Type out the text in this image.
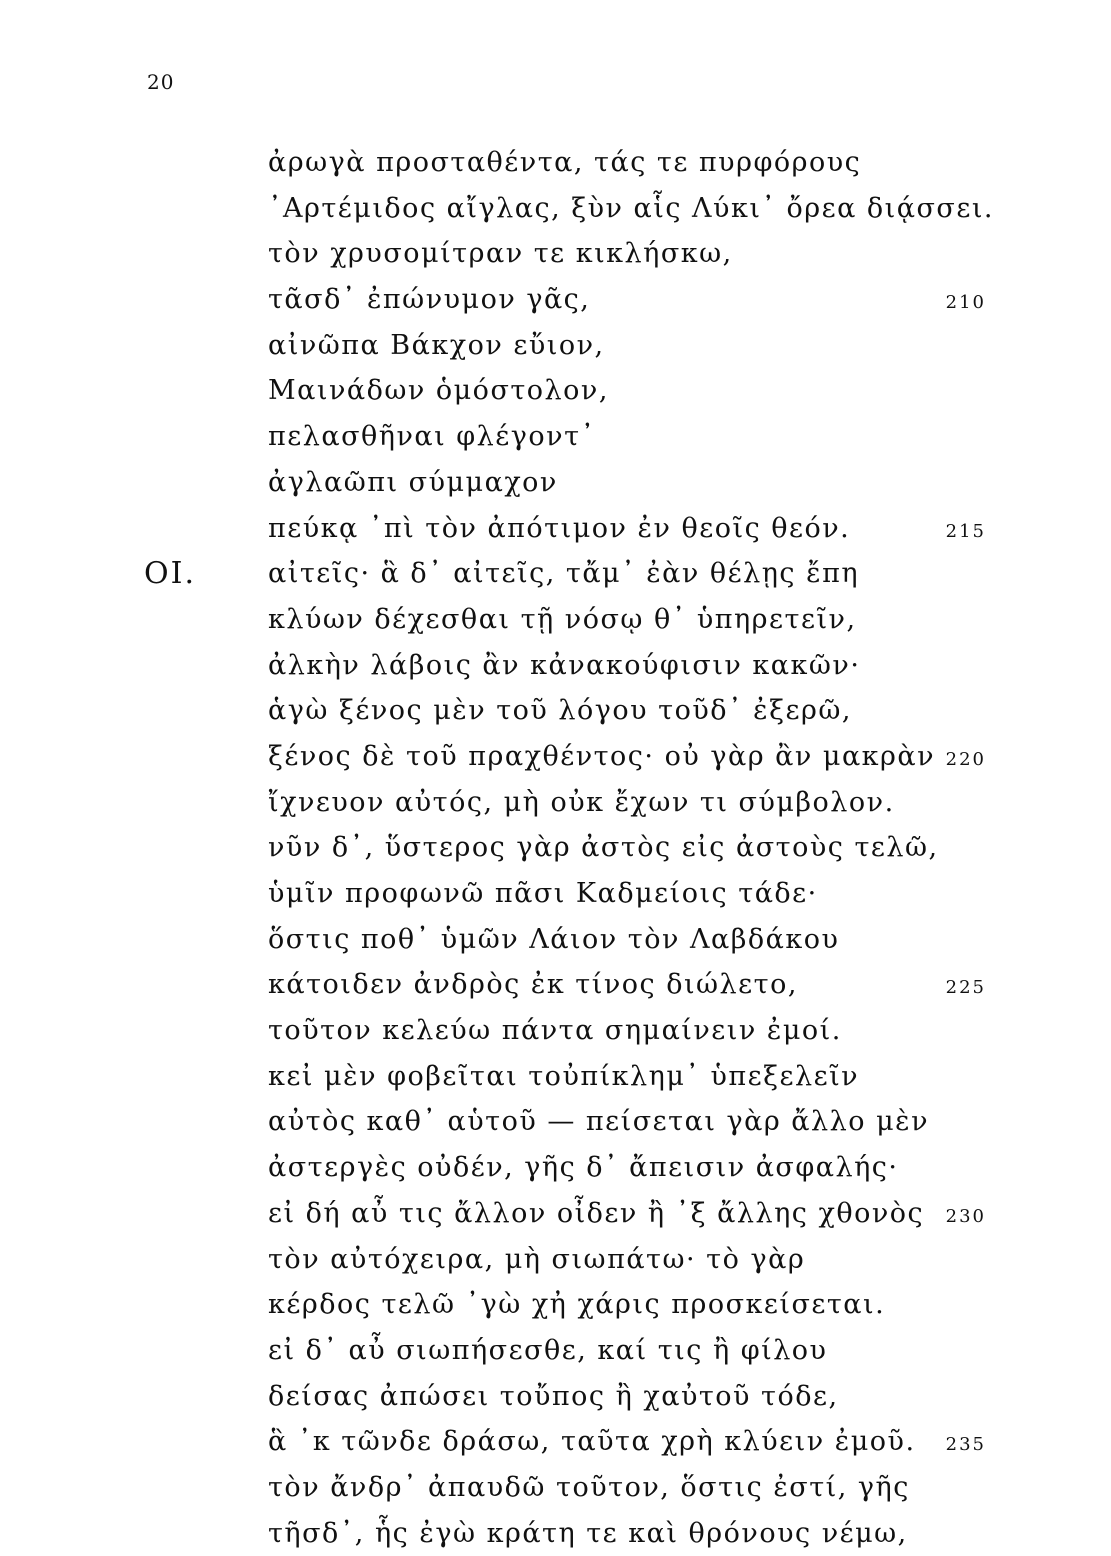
20
ἀρωγὰ προσταθέντα, τάς τε πυρφόρους
᾽Αρτέμιδος αἴγλας, ξὺν αἷς Λύκι᾽ ὄρεα διᾴσσει.
τὸν χρυσομίτραν τε κικλήσκω,
τᾶσδ᾽ ἐπώνυμον γᾶς,	210
αἰνῶπα Βάκχον εὔιον,
Μαινάδων ὁμόστολον,
πελασθῆναι φλέγοντ᾽
ἀγλαῶπι σύμμαχον
πεύκᾳ ᾽πὶ τὸν ἀπότιμον ἐν θεοῖς θεόν.	215
ΟΙ.	αἰτεῖς· ἃ δ᾽ αἰτεῖς, τἄμ᾽ ἐὰν θέλῃς ἔπη
κλύων δέχεσθαι τῇ νόσῳ θ᾽ ὑπηρετεῖν,
ἀλκὴν λάβοις ἂν κἀνακούφισιν κακῶν·
ἁγὼ ξένος μὲν τοῦ λόγου τοῦδ᾽ ἐξερῶ,
ξένος δὲ τοῦ πραχθέντος· οὐ γὰρ ἂν μακρὰν 220
ἴχνευον αὐτός, μὴ οὐκ ἔχων τι σύμβολον.
νῦν δ᾽, ὕστερος γὰρ ἀστὸς εἰς ἀστοὺς τελῶ,
ὑμῖν προφωνῶ πᾶσι Καδμείοις τάδε·
ὅστις ποθ᾽ ὑμῶν Λάιον τὸν Λαβδάκου
κάτοιδεν ἀνδρὸς ἐκ τίνος διώλετο,	225
τοῦτον κελεύω πάντα σημαίνειν ἐμοί.
κεἰ μὲν φοβεῖται τοὐπίκλημ᾽ ὑπεξελεῖν
αὐτὸς καθ᾽ αὑτοῦ — πείσεται γὰρ ἄλλο μὲν
ἀστεργὲς οὐδέν, γῆς δ᾽ ἄπεισιν ἀσφαλής·
εἰ δή αὖ τις ἄλλον οἶδεν ἢ ᾽ξ ἄλλης χθονὸς 230
τὸν αὐτόχειρα, μὴ σιωπάτω· τὸ γὰρ
κέρδος τελῶ ᾽γὼ χἠ χάρις προσκείσεται.
εἰ δ᾽ αὖ σιωπήσεσθε, καί τις ἢ φίλου
δείσας ἀπώσει τοὔπος ἢ χαὐτοῦ τόδε,
ἃ ᾽κ τῶνδε δράσω, ταῦτα χρὴ κλύειν ἐμοῦ. 235
τὸν ἄνδρ᾽ ἀπαυδῶ τοῦτον, ὅστις ἐστί, γῆς
τῆσδ᾽, ἧς ἐγὼ κράτη τε καὶ θρόνους νέμω,
